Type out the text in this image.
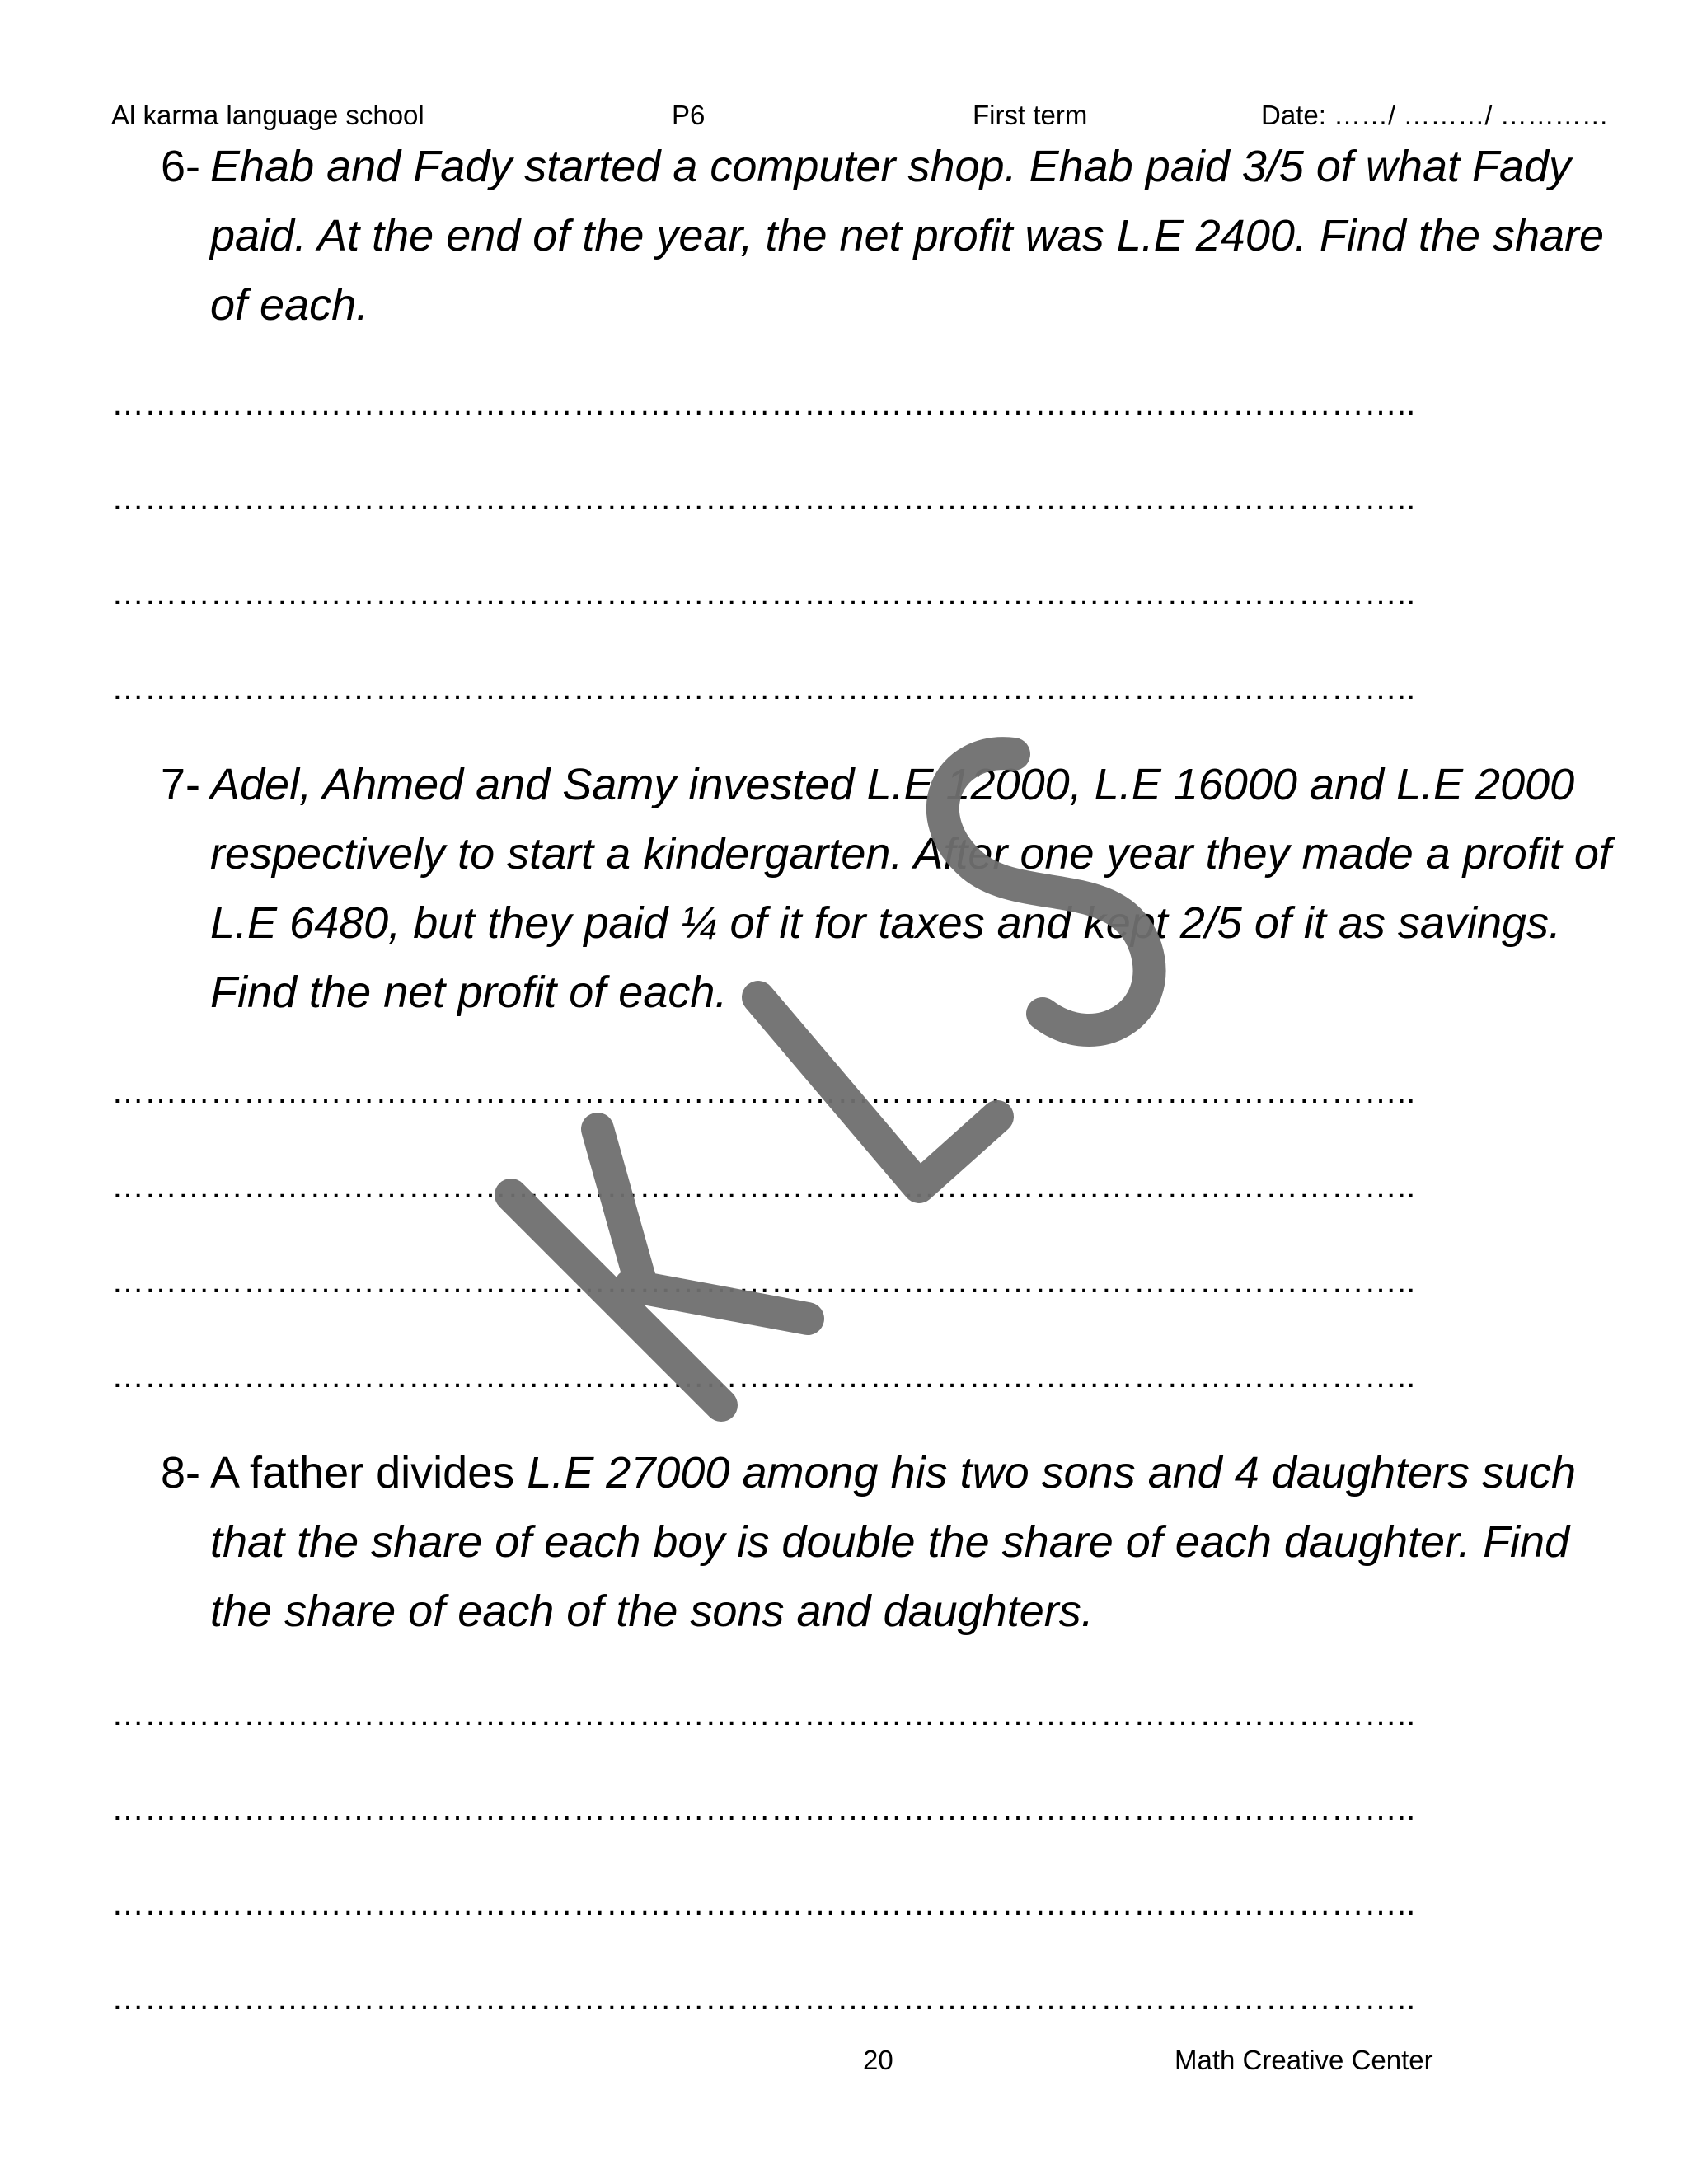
Al karma language school	P6	First term	Date: ……/ ………/ …………
6- Ehab and Fady started a computer shop. Ehab paid 3/5 of what Fady paid. At the end of the year, the net profit was L.E 2400. Find the share of each.
………………………………………………………………………………………………………..
………………………………………………………………………………………………………..
………………………………………………………………………………………………………..
………………………………………………………………………………………………………..
7- Adel, Ahmed and Samy invested L.E 12000, L.E 16000 and L.E 2000 respectively to start a kindergarten. After one year they made a profit of L.E 6480, but they paid ¼ of it for taxes and kept 2/5 of it as savings. Find the net profit of each.
………………………………………………………………………………………………………..
………………………………………………………………………………………………………..
………………………………………………………………………………………………………..
………………………………………………………………………………………………………..
8- A father divides L.E 27000 among his two sons and 4 daughters such that the share of each boy is double the share of each daughter. Find the share of each of the sons and daughters.
………………………………………………………………………………………………………..
………………………………………………………………………………………………………..
………………………………………………………………………………………………………..
………………………………………………………………………………………………………..
20	Math Creative Center
